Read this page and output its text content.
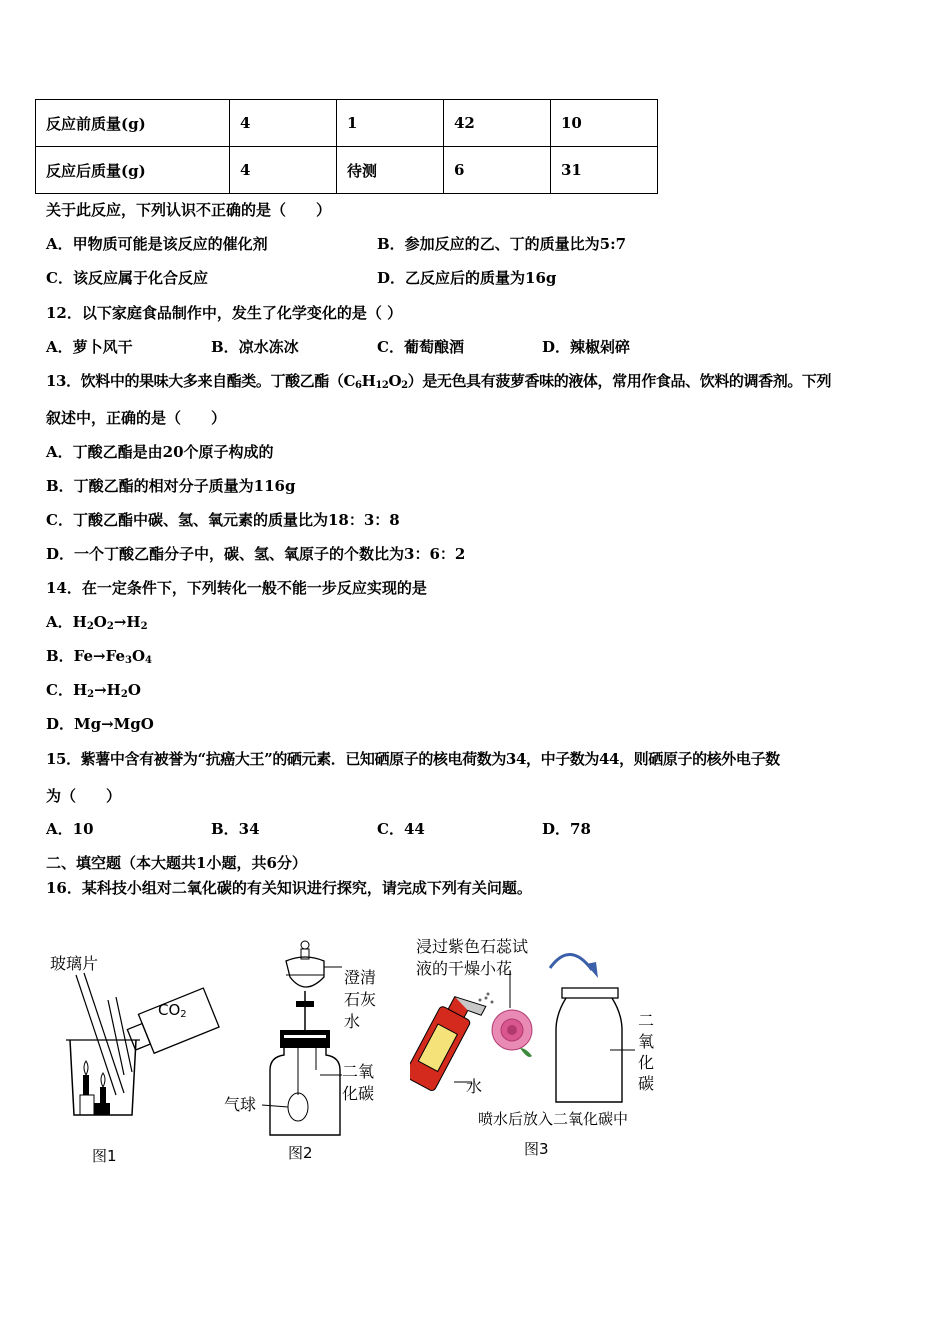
反应前质量(g)	4	1	42	10
反应后质量(g)	4	待测	6	31
关于此反应，下列认识不正确的是（　　）
A．甲物质可能是该反应的催化剂	B．参加反应的乙、丁的质量比为5:7
C．该反应属于化合反应	D．乙反应后的质量为16g
12．以下家庭食品制作中，发生了化学变化的是（ ）
A．萝卜风干	B．凉水冻冰	C．葡萄酿酒	D．辣椒剁碎
13．饮料中的果味大多来自酯类。丁酸乙酯$(C_6H_{12}O_2)$是无色具有菠萝香味的液体，常用作食品、饮料的调香剂。下列
叙述中，正确的是（　　）
A．丁酸乙酯是由20个原子构成的
B．丁酸乙酯的相对分子质量为116g
C．丁酸乙酯中碳、氢、氧元素的质量比为18：3：8
D．一个丁酸乙酯分子中，碳、氢、氧原子的个数比为3：6：2
14．在一定条件下，下列转化一般不能一步反应实现的是
A．$H_2O_2\to H_2$
B．$Fe\to Fe_3O_4$
C．$H_2\to H_2O$
D．Mg→MgO
15．紫薯中含有被誉为“抗癌大王”的硒元素．已知硒原子的核电荷数为34，中子数为44，则硒原子的核外电子数
为（　　）
A．10	B．34	C．44	D．78
二、填空题（本大题共1小题，共6分）
16．某科技小组对二氧化碳的有关知识进行探究，请完成下列有关问题。
玻璃片
$CO_2$
图1
澄清
石灰
水
二氧
化碳
气球
图2
浸过紫色石蕊试
液的干燥小花
水
二
氧
化
碳
喷水后放入二氧化碳中
图3
